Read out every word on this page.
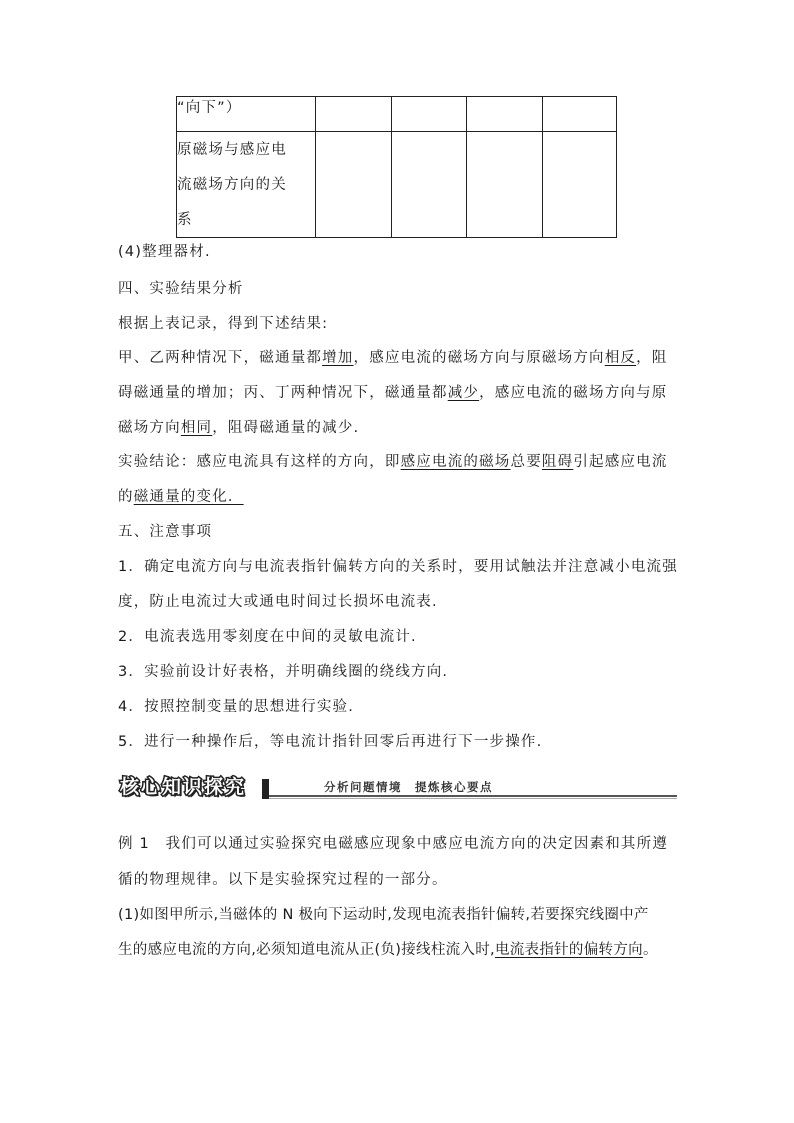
“向下”）				

原磁场与感应电
流磁场方向的关
系				

(4)整理器材.
四、实验结果分析
根据上表记录，得到下述结果:
甲、乙两种情况下，磁通量都增加，感应电流的磁场方向与原磁场方向相反，阻
碍磁通量的增加；丙、丁两种情况下，磁通量都减少，感应电流的磁场方向与原
磁场方向相同，阻碍磁通量的减少.
实验结论：感应电流具有这样的方向，即感应电流的磁场总要阻碍引起感应电流
的磁通量的变化．
五、注意事项
1．确定电流方向与电流表指针偏转方向的关系时，要用试触法并注意减小电流强
度，防止电流过大或通电时间过长损坏电流表.
2．电流表选用零刻度在中间的灵敏电流计.
3．实验前设计好表格，并明确线圈的绕线方向.
4．按照控制变量的思想进行实验.
5．进行一种操作后，等电流计指针回零后再进行下一步操作.
核心知识探究	分析问题情境　提炼核心要点
例 1　我们可以通过实验探究电磁感应现象中感应电流方向的决定因素和其所遵
循的物理规律。以下是实验探究过程的一部分。
(1)如图甲所示,当磁体的 N 极向下运动时,发现电流表指针偏转,若要探究线圈中产
生的感应电流的方向,必须知道电流从正(负)接线柱流入时,电流表指针的偏转方向。
